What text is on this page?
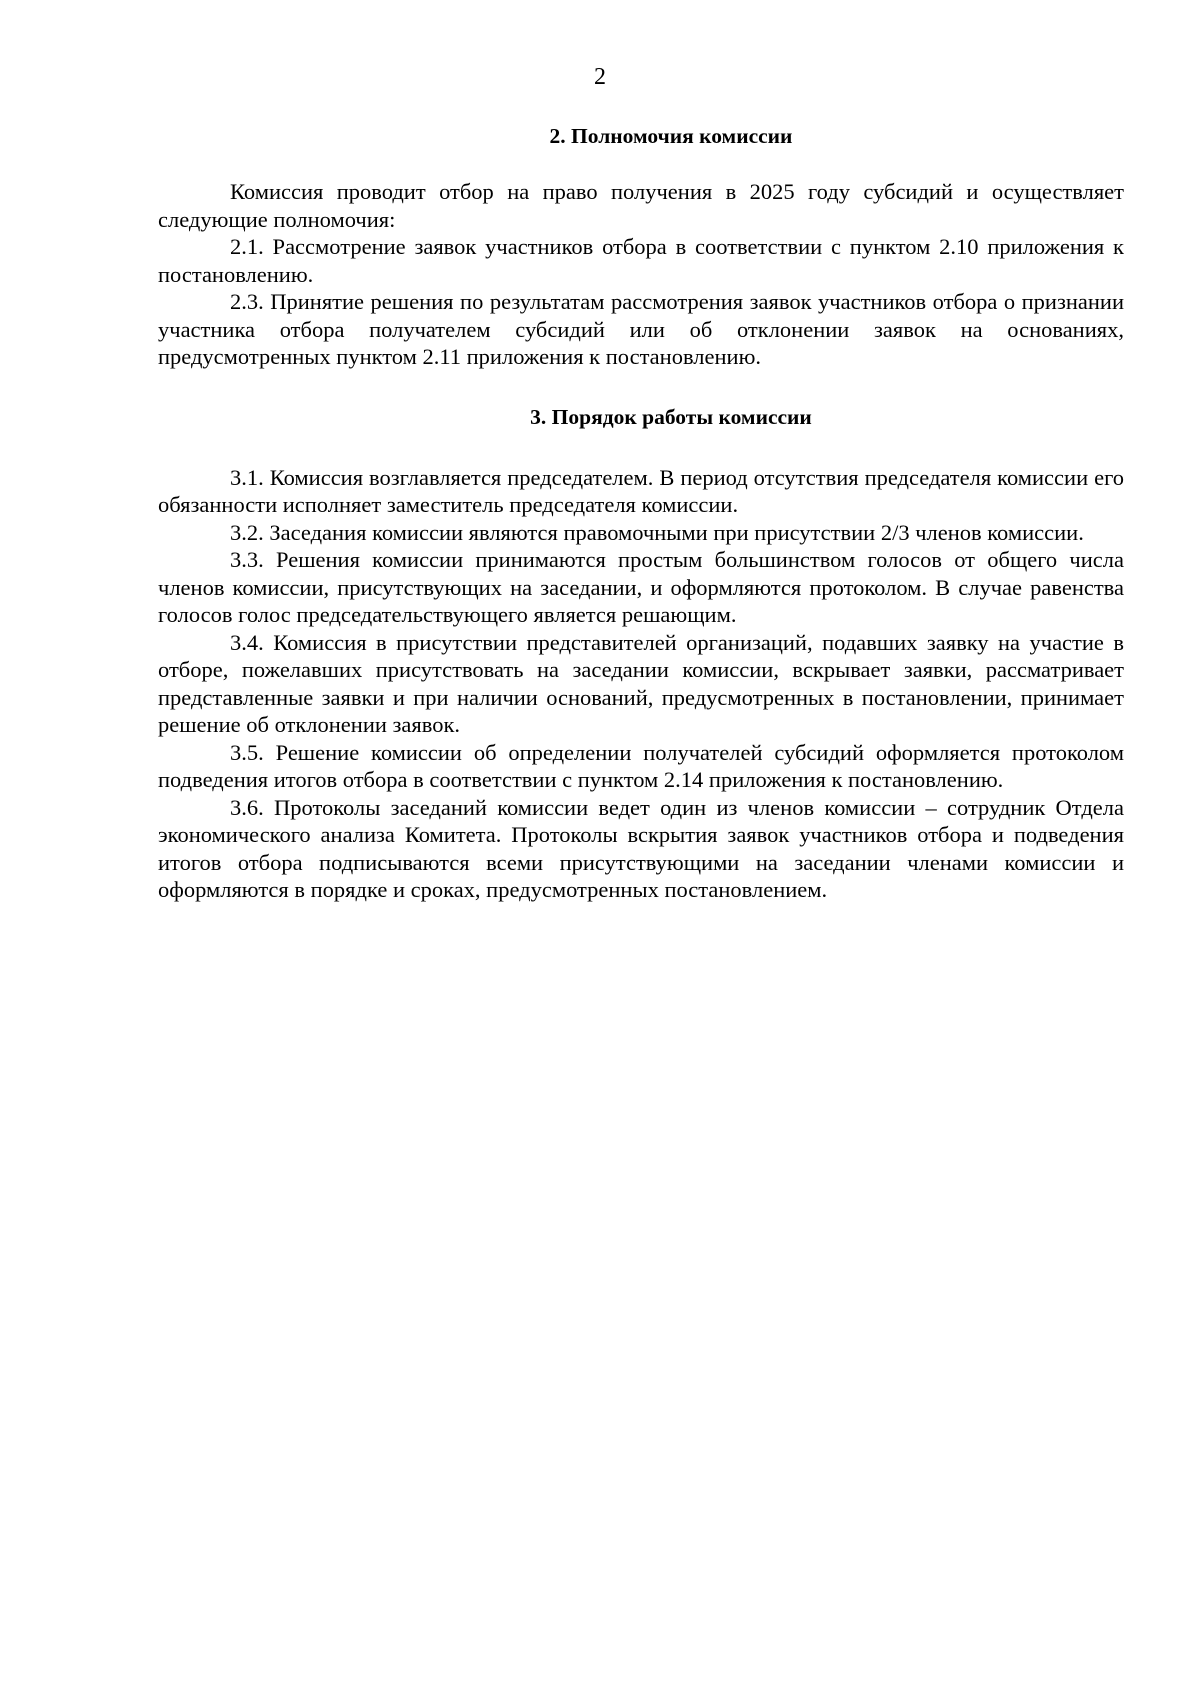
2
2. Полномочия комиссии

Комиссия проводит отбор на право получения в 2025 году субсидий и осуществляет следующие полномочия:

2.1. Рассмотрение заявок участников отбора в соответствии с пунктом 2.10 приложения к постановлению.

2.3. Принятие решения по результатам рассмотрения заявок участников отбора о признании участника отбора получателем субсидий или об отклонении заявок на основаниях, предусмотренных пунктом 2.11 приложения к постановлению.

3. Порядок работы комиссии

3.1. Комиссия возглавляется председателем. В период отсутствия председателя комиссии его обязанности исполняет заместитель председателя комиссии.

3.2. Заседания комиссии являются правомочными при присутствии 2/3 членов комиссии.

3.3. Решения комиссии принимаются простым большинством голосов от общего числа членов комиссии, присутствующих на заседании, и оформляются протоколом. В случае равенства голосов голос председательствующего является решающим.

3.4. Комиссия в присутствии представителей организаций, подавших заявку на участие в отборе, пожелавших присутствовать на заседании комиссии, вскрывает заявки, рассматривает представленные заявки и при наличии оснований, предусмотренных в постановлении, принимает решение об отклонении заявок.

3.5. Решение комиссии об определении получателей субсидий оформляется протоколом подведения итогов отбора в соответствии с пунктом 2.14 приложения к постановлению.

3.6. Протоколы заседаний комиссии ведет один из членов комиссии – сотрудник Отдела экономического анализа Комитета. Протоколы вскрытия заявок участников отбора и подведения итогов отбора подписываются всеми присутствующими на заседании членами комиссии и оформляются в порядке и сроках, предусмотренных постановлением.
